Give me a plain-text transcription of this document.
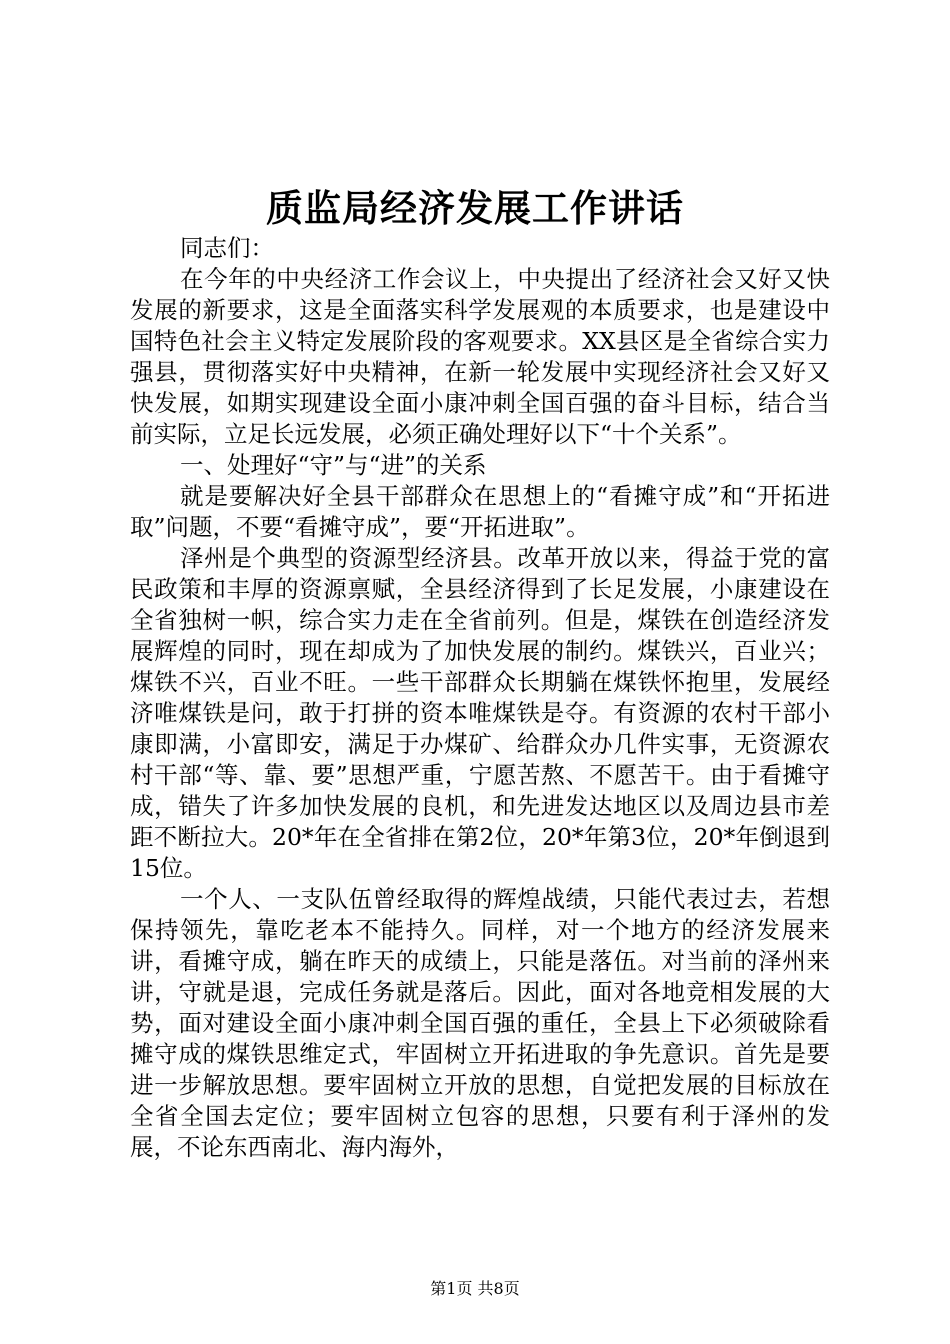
质监局经济发展工作讲话

同志们：

在今年的中央经济工作会议上，中央提出了经济社会又好又快发展的新要求，这是全面落实科学发展观的本质要求，也是建设中国特色社会主义特定发展阶段的客观要求。XX县区是全省综合实力强县，贯彻落实好中央精神，在新一轮发展中实现经济社会又好又快发展，如期实现建设全面小康冲刺全国百强的奋斗目标，结合当前实际，立足长远发展，必须正确处理好以下“十个关系”。

一、处理好“守”与“进”的关系

就是要解决好全县干部群众在思想上的“看摊守成”和“开拓进取”问题，不要“看摊守成”，要“开拓进取”。

泽州是个典型的资源型经济县。改革开放以来，得益于党的富民政策和丰厚的资源禀赋，全县经济得到了长足发展，小康建设在全省独树一帜，综合实力走在全省前列。但是，煤铁在创造经济发展辉煌的同时，现在却成为了加快发展的制约。煤铁兴，百业兴；煤铁不兴，百业不旺。一些干部群众长期躺在煤铁怀抱里，发展经济唯煤铁是问，敢于打拼的资本唯煤铁是夺。有资源的农村干部小康即满，小富即安，满足于办煤矿、给群众办几件实事，无资源农村干部“等、靠、要”思想严重，宁愿苦熬、不愿苦干。由于看摊守成，错失了许多加快发展的良机，和先进发达地区以及周边县市差距不断拉大。20*年在全省排在第2位，20*年第3位，20*年倒退到15位。

一个人、一支队伍曾经取得的辉煌战绩，只能代表过去，若想保持领先，靠吃老本不能持久。同样，对一个地方的经济发展来讲，看摊守成，躺在昨天的成绩上，只能是落伍。对当前的泽州来讲，守就是退，完成任务就是落后。因此，面对各地竞相发展的大势，面对建设全面小康冲刺全国百强的重任，全县上下必须破除看摊守成的煤铁思维定式，牢固树立开拓进取的争先意识。首先是要进一步解放思想。要牢固树立开放的思想，自觉把发展的目标放在全省全国去定位；要牢固树立包容的思想，只要有利于泽州的发展，不论东西南北、海内海外，

第1页 共8页
